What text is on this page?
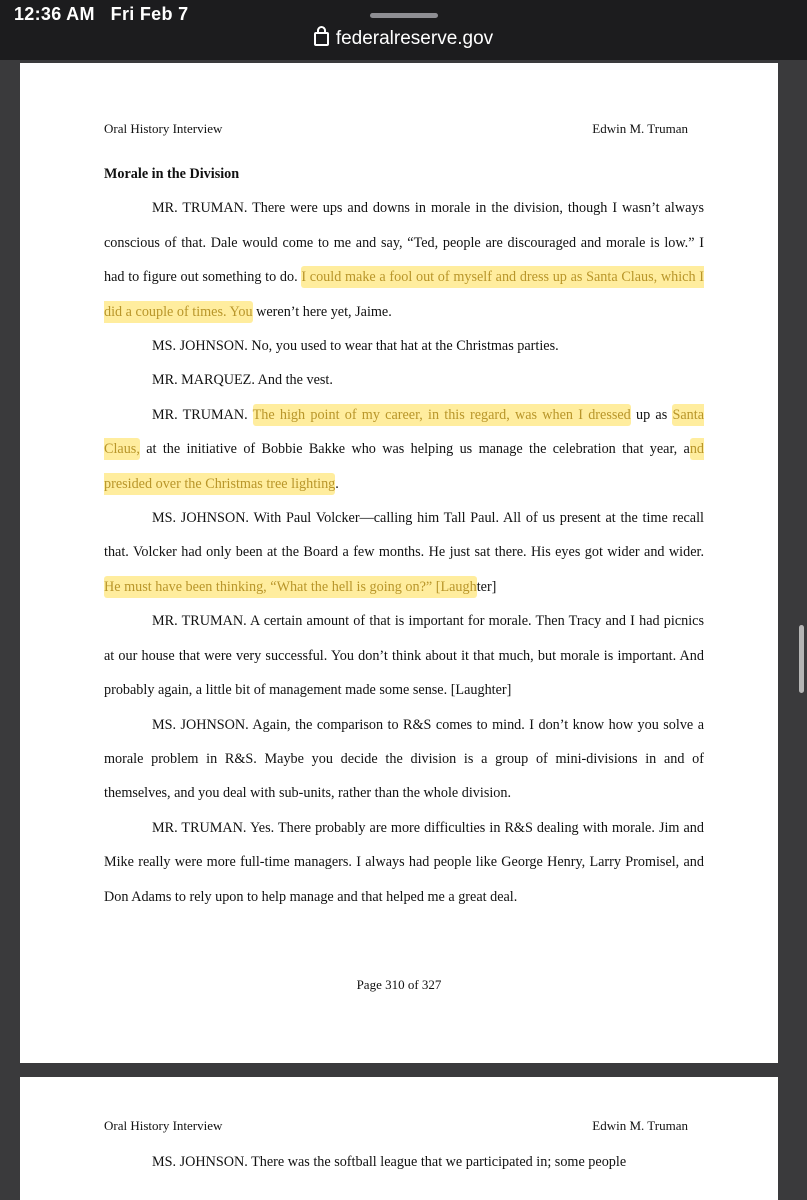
12:36 AM   Fri Feb 7
federalreserve.gov
Oral History Interview	Edwin M. Truman

Morale in the Division

MR. TRUMAN. There were ups and downs in morale in the division, though I wasn’t always conscious of that. Dale would come to me and say, “Ted, people are discouraged and morale is low.” I had to figure out something to do. I could make a fool out of myself and dress up as Santa Claus, which I did a couple of times. You weren’t here yet, Jaime.

MS. JOHNSON. No, you used to wear that hat at the Christmas parties.

MR. MARQUEZ. And the vest.

MR. TRUMAN. The high point of my career, in this regard, was when I dressed up as Santa Claus, at the initiative of Bobbie Bakke who was helping us manage the celebration that year, and presided over the Christmas tree lighting.

MS. JOHNSON. With Paul Volcker—calling him Tall Paul. All of us present at the time recall that. Volcker had only been at the Board a few months. He just sat there. His eyes got wider and wider. He must have been thinking, “What the hell is going on?” [Laughter]

MR. TRUMAN. A certain amount of that is important for morale. Then Tracy and I had picnics at our house that were very successful. You don’t think about it that much, but morale is important. And probably again, a little bit of management made some sense. [Laughter]

MS. JOHNSON. Again, the comparison to R&S comes to mind. I don’t know how you solve a morale problem in R&S. Maybe you decide the division is a group of mini-divisions in and of themselves, and you deal with sub-units, rather than the whole division.

MR. TRUMAN. Yes. There probably are more difficulties in R&S dealing with morale. Jim and Mike really were more full-time managers. I always had people like George Henry, Larry Promisel, and Don Adams to rely upon to help manage and that helped me a great deal.

Page 310 of 327
Oral History Interview	Edwin M. Truman

MS. JOHNSON. There was the softball league that we participated in; some people
